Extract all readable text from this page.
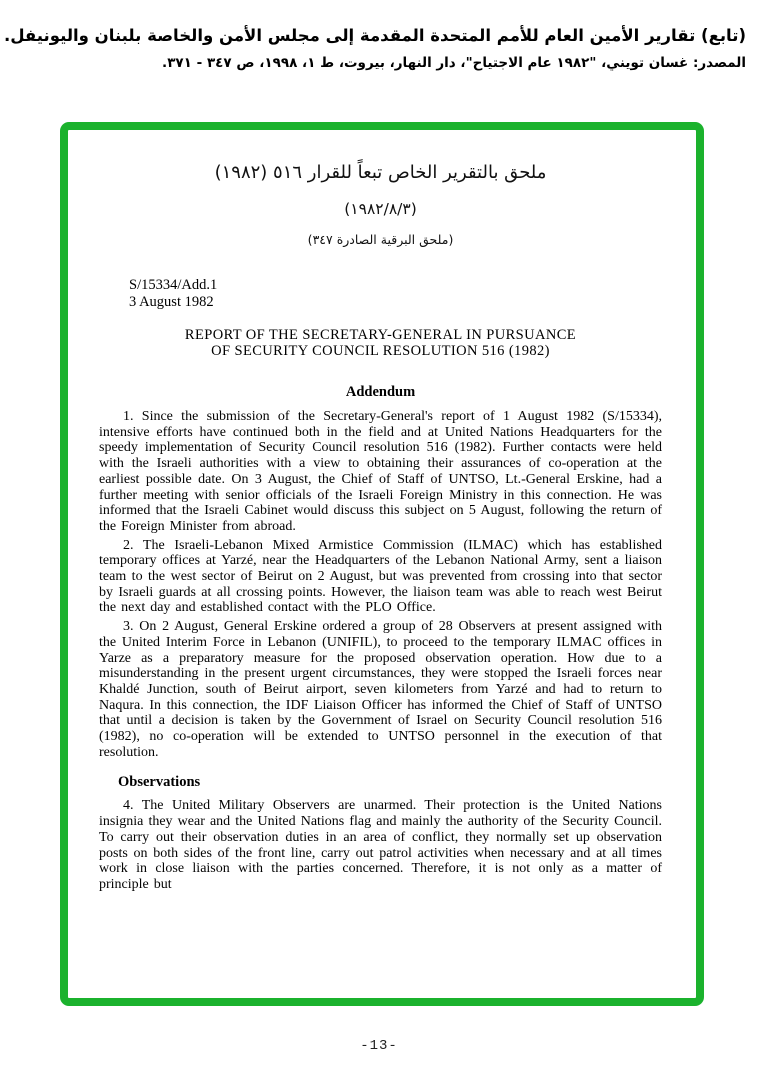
(تابع) تقارير الأمين العام للأمم المتحدة المقدمة إلى مجلس الأمن والخاصة بلبنان واليونيفل.
المصدر: غسان تويني، "١٩٨٢ عام الاجتياح"، دار النهار، بيروت، ط ١، ١٩٩٨، ص ٣٤٧ - ٣٧١.
ملحق بالتقرير الخاص تبعاً للقرار ٥١٦ (١٩٨٢)
(١٩٨٢/٨/٣)
(ملحق البرقية الصادرة ٣٤٧)
S/15334/Add.1
3 August 1982
REPORT OF THE SECRETARY-GENERAL IN PURSUANCE
OF SECURITY COUNCIL RESOLUTION 516 (1982)
Addendum

1. Since the submission of the Secretary-General's report of 1 August 1982 (S/15334), intensive efforts have continued both in the field and at United Nations Headquarters for the speedy implementation of Security Council resolution 516 (1982). Further contacts were held with the Israeli authorities with a view to obtaining their assurances of co-operation at the earliest possible date. On 3 August, the Chief of Staff of UNTSO, Lt.-General Erskine, had a further meeting with senior officials of the Israeli Foreign Ministry in this connection. He was informed that the Israeli Cabinet would discuss this subject on 5 August, following the return of the Foreign Minister from abroad.

2. The Israeli-Lebanon Mixed Armistice Commission (ILMAC) which has established temporary offices at Yarzé, near the Headquarters of the Lebanon National Army, sent a liaison team to the west sector of Beirut on 2 August, but was prevented from crossing into that sector by Israeli guards at all crossing points. However, the liaison team was able to reach west Beirut the next day and established contact with the PLO Office.

3. On 2 August, General Erskine ordered a group of 28 Observers at present assigned with the United Interim Force in Lebanon (UNIFIL), to proceed to the temporary ILMAC offices in Yarze as a preparatory measure for the proposed observation operation. How due to a misunderstanding in the present urgent circumstances, they were stopped the Israeli forces near Khaldé Junction, south of Beirut airport, seven kilometers from Yarzé and had to return to Naqura. In this connection, the IDF Liaison Officer has informed the Chief of Staff of UNTSO that until a decision is taken by the Government of Israel on Security Council resolution 516 (1982), no co-operation will be extended to UNTSO personnel in the execution of that resolution.

Observations

4. The United Military Observers are unarmed. Their protection is the United Nations insignia they wear and the United Nations flag and mainly the authority of the Security Council. To carry out their observation duties in an area of conflict, they normally set up observation posts on both sides of the front line, carry out patrol activities when necessary and at all times work in close liaison with the parties concerned. Therefore, it is not only as a matter of principle but

-13-
